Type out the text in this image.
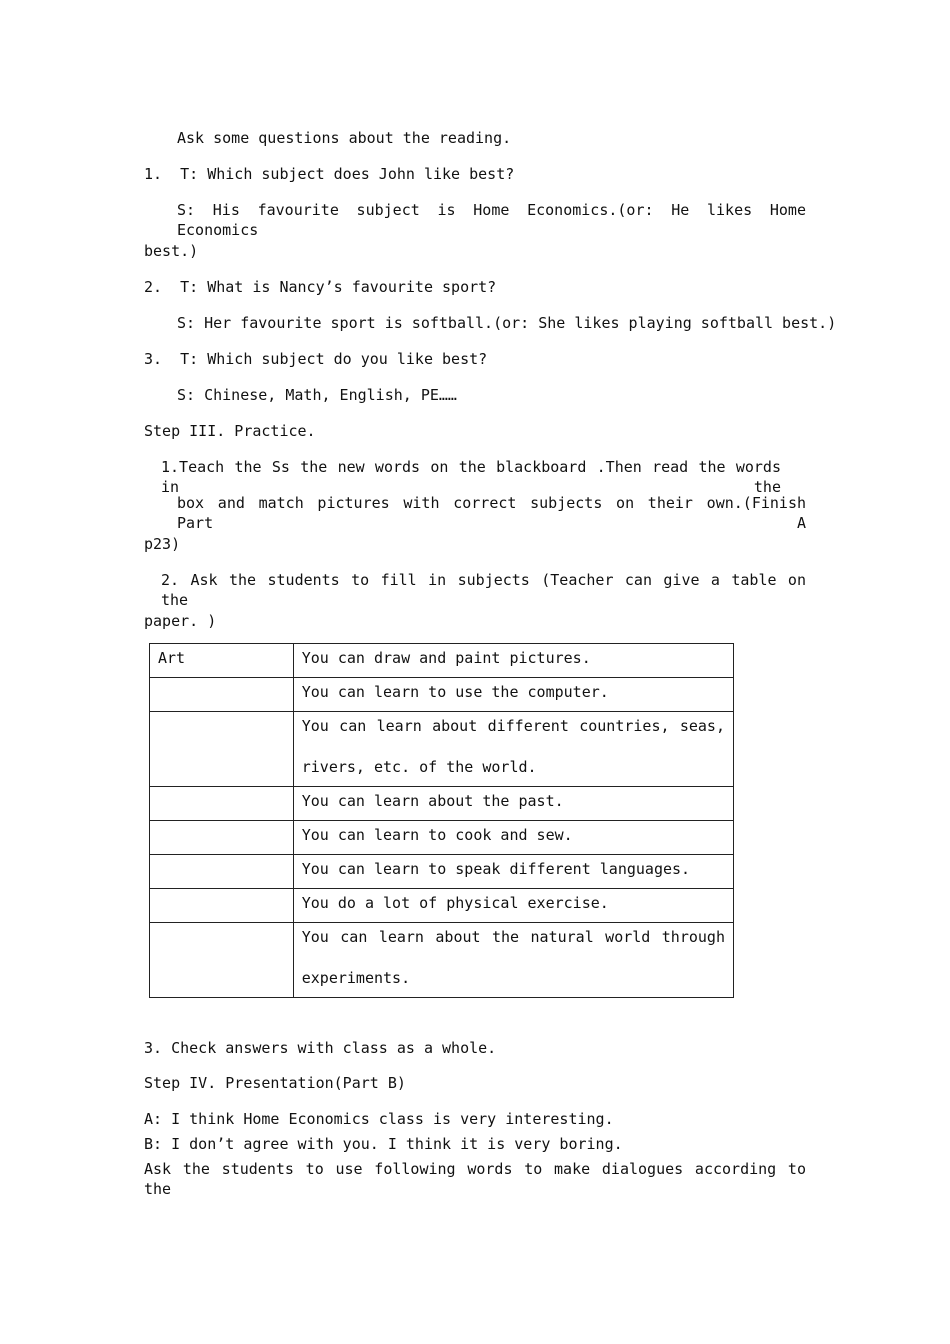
Ask some questions about the reading.
1.  T: Which subject does John like best?
S: His favourite subject is Home Economics.(or: He likes Home Economics
best.)
2.  T: What is Nancy’s favourite sport?
S: Her favourite sport is softball.(or: She likes playing softball best.)
3.  T: Which subject do you like best?
S: Chinese, Math, English, PE……
Step III. Practice.
1.Teach the Ss the new words on the blackboard .Then read the words in the
box and match pictures with correct subjects on their own.(Finish Part A
p23)
2. Ask the students to fill in subjects (Teacher can give a table on the
paper. )
Art	You can draw and paint pictures.
	You can learn to use the computer.

	You can learn about different countries, seas,
rivers, etc. of the world.

	You can learn about the past.
	You can learn to cook and sew.
	You can learn to speak different languages.
	You do a lot of physical exercise.

	You can learn about the natural world through
experiments.
3. Check answers with class as a whole.
Step IV. Presentation(Part B)
A: I think Home Economics class is very interesting.
B: I don’t agree with you. I think it is very boring.
Ask the students to use following words to make dialogues according to the
